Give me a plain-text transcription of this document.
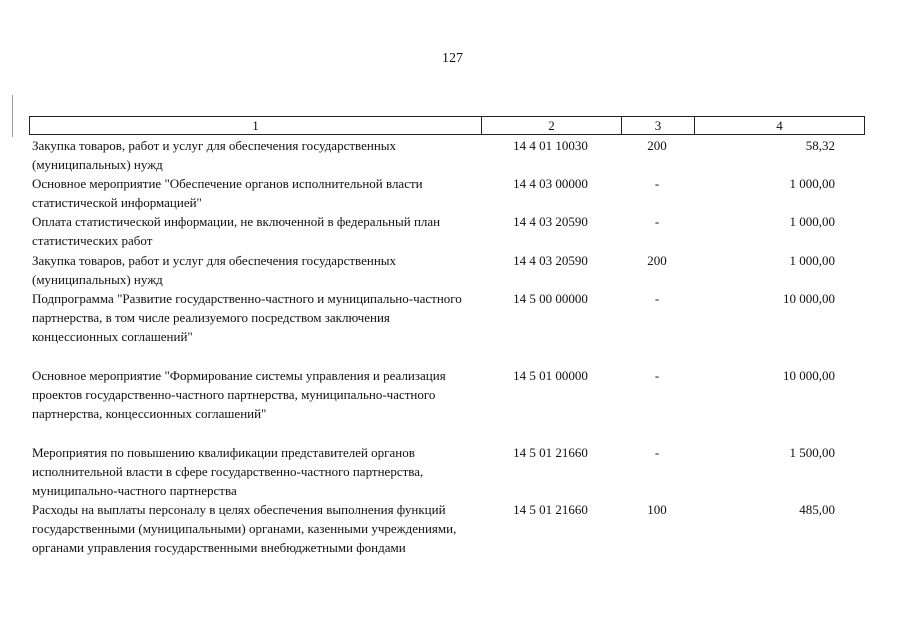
127
1	2	3	4
Закупка товаров, работ и услуг для обеспечения государственных (муниципальных) нужд
14 4 01 10030	200	58,32
Основное мероприятие "Обеспечение органов исполнительной власти статистической информацией"
14 4 03 00000	-	1 000,00
Оплата статистической информации, не включенной в федеральный план статистических работ
14 4 03 20590	-	1 000,00
Закупка товаров, работ и услуг для обеспечения государственных (муниципальных) нужд
14 4 03 20590	200	1 000,00
Подпрограмма "Развитие государственно-частного и муниципально-частного партнерства, в том числе реализуемого посредством заключения концессионных соглашений"
14 5 00 00000	-	10 000,00
Основное мероприятие "Формирование системы управления и реализация проектов государственно-частного партнерства, муниципально-частного партнерства, концессионных соглашений"
14 5 01 00000	-	10 000,00
Мероприятия по повышению квалификации представителей органов исполнительной власти в сфере государственно-частного партнерства, муниципально-частного партнерства
14 5 01 21660	-	1 500,00
Расходы на выплаты персоналу в целях обеспечения выполнения функций государственными (муниципальными) органами, казенными учреждениями, органами управления государственными внебюджетными фондами
14 5 01 21660	100	485,00
